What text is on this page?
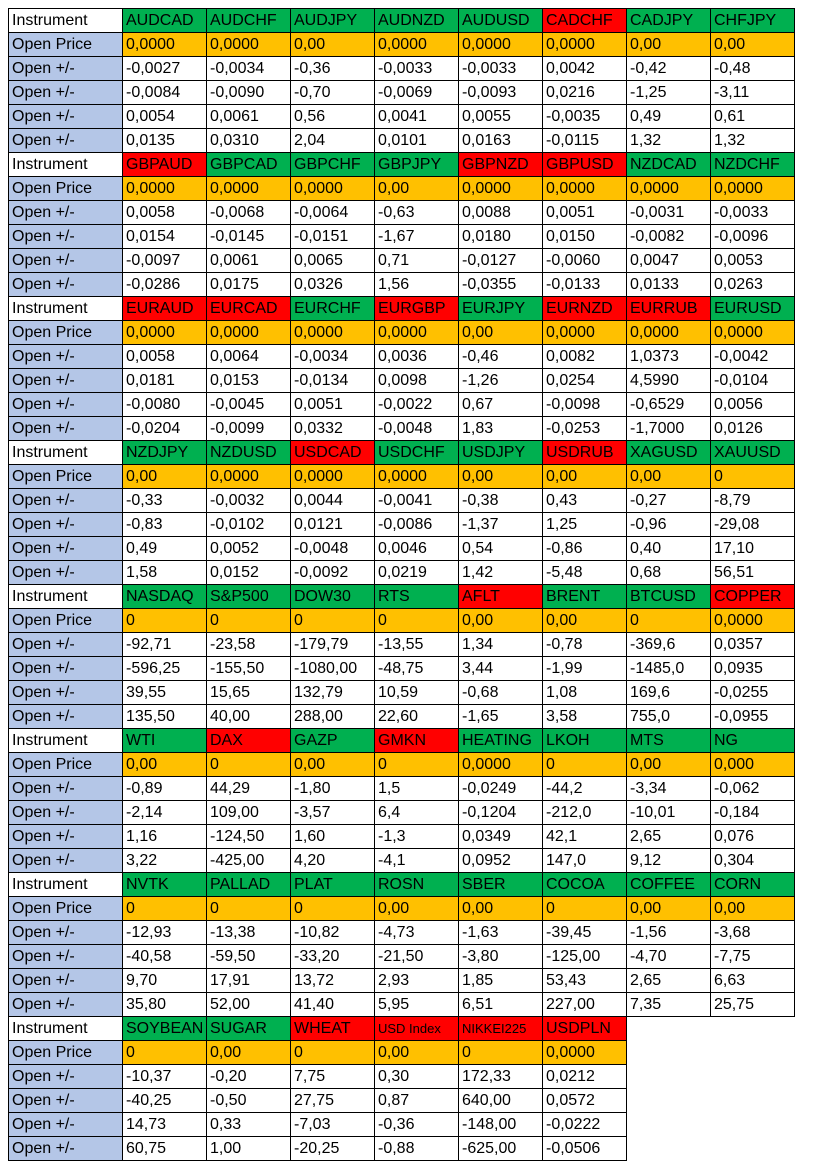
Instrument	AUDCAD	AUDCHF	AUDJPY	AUDNZD	AUDUSD	CADCHF	CADJPY	CHFJPY
Open Price	0,0000	0,0000	0,00	0,0000	0,0000	0,0000	0,00	0,00
Open +/-	-0,0027	-0,0034	-0,36	-0,0033	-0,0033	0,0042	-0,42	-0,48
Open +/-	-0,0084	-0,0090	-0,70	-0,0069	-0,0093	0,0216	-1,25	-3,11
Open +/-	0,0054	0,0061	0,56	0,0041	0,0055	-0,0035	0,49	0,61
Open +/-	0,0135	0,0310	2,04	0,0101	0,0163	-0,0115	1,32	1,32
Instrument	GBPAUD	GBPCAD	GBPCHF	GBPJPY	GBPNZD	GBPUSD	NZDCAD	NZDCHF
Open Price	0,0000	0,0000	0,0000	0,00	0,0000	0,0000	0,0000	0,0000
Open +/-	0,0058	-0,0068	-0,0064	-0,63	0,0088	0,0051	-0,0031	-0,0033
Open +/-	0,0154	-0,0145	-0,0151	-1,67	0,0180	0,0150	-0,0082	-0,0096
Open +/-	-0,0097	0,0061	0,0065	0,71	-0,0127	-0,0060	0,0047	0,0053
Open +/-	-0,0286	0,0175	0,0326	1,56	-0,0355	-0,0133	0,0133	0,0263
Instrument	EURAUD	EURCAD	EURCHF	EURGBP	EURJPY	EURNZD	EURRUB	EURUSD
Open Price	0,0000	0,0000	0,0000	0,0000	0,00	0,0000	0,0000	0,0000
Open +/-	0,0058	0,0064	-0,0034	0,0036	-0,46	0,0082	1,0373	-0,0042
Open +/-	0,0181	0,0153	-0,0134	0,0098	-1,26	0,0254	4,5990	-0,0104
Open +/-	-0,0080	-0,0045	0,0051	-0,0022	0,67	-0,0098	-0,6529	0,0056
Open +/-	-0,0204	-0,0099	0,0332	-0,0048	1,83	-0,0253	-1,7000	0,0126
Instrument	NZDJPY	NZDUSD	USDCAD	USDCHF	USDJPY	USDRUB	XAGUSD	XAUUSD
Open Price	0,00	0,0000	0,0000	0,0000	0,00	0,00	0,00	0
Open +/-	-0,33	-0,0032	0,0044	-0,0041	-0,38	0,43	-0,27	-8,79
Open +/-	-0,83	-0,0102	0,0121	-0,0086	-1,37	1,25	-0,96	-29,08
Open +/-	0,49	0,0052	-0,0048	0,0046	0,54	-0,86	0,40	17,10
Open +/-	1,58	0,0152	-0,0092	0,0219	1,42	-5,48	0,68	56,51
Instrument	NASDAQ	S&P500	DOW30	RTS	AFLT	BRENT	BTCUSD	COPPER
Open Price	0	0	0	0	0,00	0,00	0	0,0000
Open +/-	-92,71	-23,58	-179,79	-13,55	1,34	-0,78	-369,6	0,0357
Open +/-	-596,25	-155,50	-1080,00	-48,75	3,44	-1,99	-1485,0	0,0935
Open +/-	39,55	15,65	132,79	10,59	-0,68	1,08	169,6	-0,0255
Open +/-	135,50	40,00	288,00	22,60	-1,65	3,58	755,0	-0,0955
Instrument	WTI	DAX	GAZP	GMKN	HEATING	LKOH	MTS	NG
Open Price	0,00	0	0,00	0	0,0000	0	0,00	0,000
Open +/-	-0,89	44,29	-1,80	1,5	-0,0249	-44,2	-3,34	-0,062
Open +/-	-2,14	109,00	-3,57	6,4	-0,1204	-212,0	-10,01	-0,184
Open +/-	1,16	-124,50	1,60	-1,3	0,0349	42,1	2,65	0,076
Open +/-	3,22	-425,00	4,20	-4,1	0,0952	147,0	9,12	0,304
Instrument	NVTK	PALLAD	PLAT	ROSN	SBER	COCOA	COFFEE	CORN
Open Price	0	0	0	0,00	0,00	0	0,00	0,00
Open +/-	-12,93	-13,38	-10,82	-4,73	-1,63	-39,45	-1,56	-3,68
Open +/-	-40,58	-59,50	-33,20	-21,50	-3,80	-125,00	-4,70	-7,75
Open +/-	9,70	17,91	13,72	2,93	1,85	53,43	2,65	6,63
Open +/-	35,80	52,00	41,40	5,95	6,51	227,00	7,35	25,75
Instrument	SOYBEAN	SUGAR	WHEAT	USD Index	NIKKEI225	USDPLN		
Open Price	0	0,00	0	0,00	0	0,0000		
Open +/-	-10,37	-0,20	7,75	0,30	172,33	0,0212		
Open +/-	-40,25	-0,50	27,75	0,87	640,00	0,0572		
Open +/-	14,73	0,33	-7,03	-0,36	-148,00	-0,0222		
Open +/-	60,75	1,00	-20,25	-0,88	-625,00	-0,0506		
